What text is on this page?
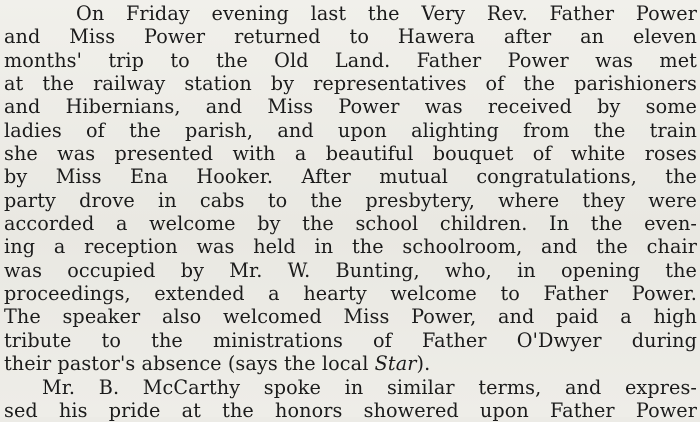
On Friday evening last the Very Rev. Father Power
and Miss Power returned to Hawera after an eleven
months' trip to the Old Land. Father Power was met
at the railway station by representatives of the parishioners
and Hibernians, and Miss Power was received by some
ladies of the parish, and upon alighting from the train
she was presented with a beautiful bouquet of white roses
by Miss Ena Hooker. After mutual congratulations, the
party drove in cabs to the presbytery, where they were
accorded a welcome by the school children. In the even-
ing a reception was held in the schoolroom, and the chair
was occupied by Mr. W. Bunting, who, in opening the
proceedings, extended a hearty welcome to Father Power.
The speaker also welcomed Miss Power, and paid a high
tribute to the ministrations of Father O'Dwyer during
their pastor's absence (says the local Star).
Mr. B. McCarthy spoke in similar terms, and expres-
sed his pride at the honors showered upon Father Power
